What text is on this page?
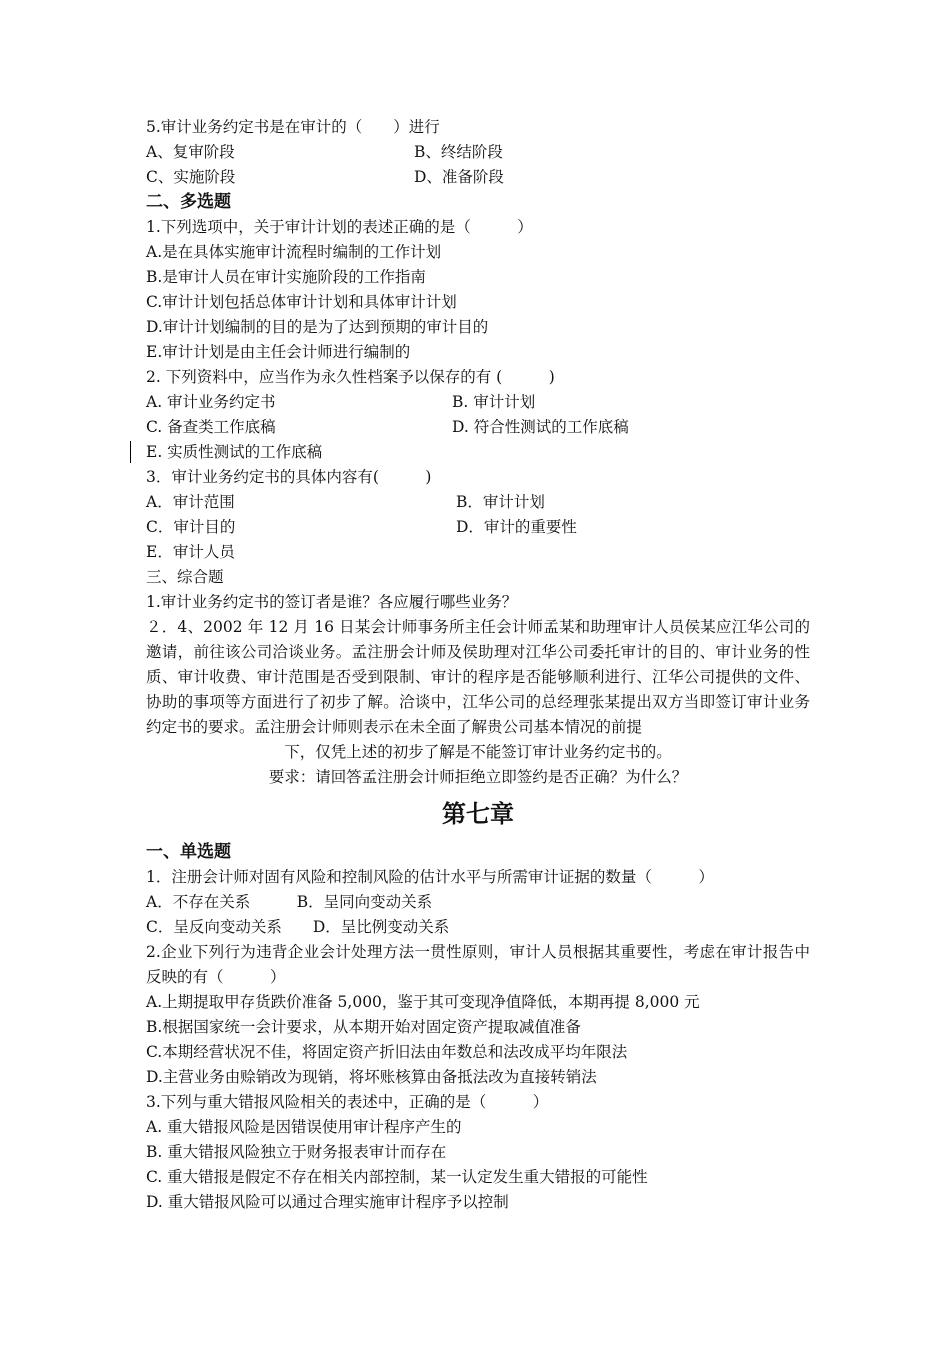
5.审计业务约定书是在审计的（　　）进行
A、复审阶段	B、终结阶段
C、实施阶段	D、准备阶段
二、多选题
1.下列选项中，关于审计计划的表述正确的是（　　　）
A.是在具体实施审计流程时编制的工作计划
B.是审计人员在审计实施阶段的工作指南
C.审计计划包括总体审计计划和具体审计计划
D.审计计划编制的目的是为了达到预期的审计目的
E.审计计划是由主任会计师进行编制的
2. 下列资料中，应当作为永久性档案予以保存的有 (　　　)
A. 审计业务约定书	B. 审计计划
C. 备查类工作底稿	D. 符合性测试的工作底稿
E. 实质性测试的工作底稿
3．审计业务约定书的具体内容有(　　　)
A．审计范围	B．审计计划
C．审计目的	D．审计的重要性
E．审计人员
三、综合题
1.审计业务约定书的签订者是谁？各应履行哪些业务？
２．4、2002 年 12 月 16 日某会计师事务所主任会计师孟某和助理审计人员侯某应江华公司的邀请，前往该公司洽谈业务。孟注册会计师及侯助理对江华公司委托审计的目的、审计业务的性质、审计收费、审计范围是否受到限制、审计的程序是否能够顺利进行、江华公司提供的文件、协助的事项等方面进行了初步了解。洽谈中，江华公司的总经理张某提出双方当即签订审计业务约定书的要求。孟注册会计师则表示在未全面了解贵公司基本情况的前提
下，仅凭上述的初步了解是不能签订审计业务约定书的。
要求：请回答孟注册会计师拒绝立即签约是否正确？为什么？
第七章
一、单选题
1．注册会计师对固有风险和控制风险的估计水平与所需审计证据的数量（　　　）
A．不存在关系　　　B．呈同向变动关系
C．呈反向变动关系　　D．呈比例变动关系
2.企业下列行为违背企业会计处理方法一贯性原则，审计人员根据其重要性，考虑在审计报告中反映的有（　　　）
A.上期提取甲存货跌价准备 5,000，鉴于其可变现净值降低，本期再提 8,000 元
B.根据国家统一会计要求，从本期开始对固定资产提取减值准备
C.本期经营状况不佳，将固定资产折旧法由年数总和法改成平均年限法
D.主营业务由赊销改为现销，将坏账核算由备抵法改为直接转销法
3.下列与重大错报风险相关的表述中，正确的是（　　　）
A. 重大错报风险是因错误使用审计程序产生的
B. 重大错报风险独立于财务报表审计而存在
C. 重大错报是假定不存在相关内部控制，某一认定发生重大错报的可能性
D. 重大错报风险可以通过合理实施审计程序予以控制
